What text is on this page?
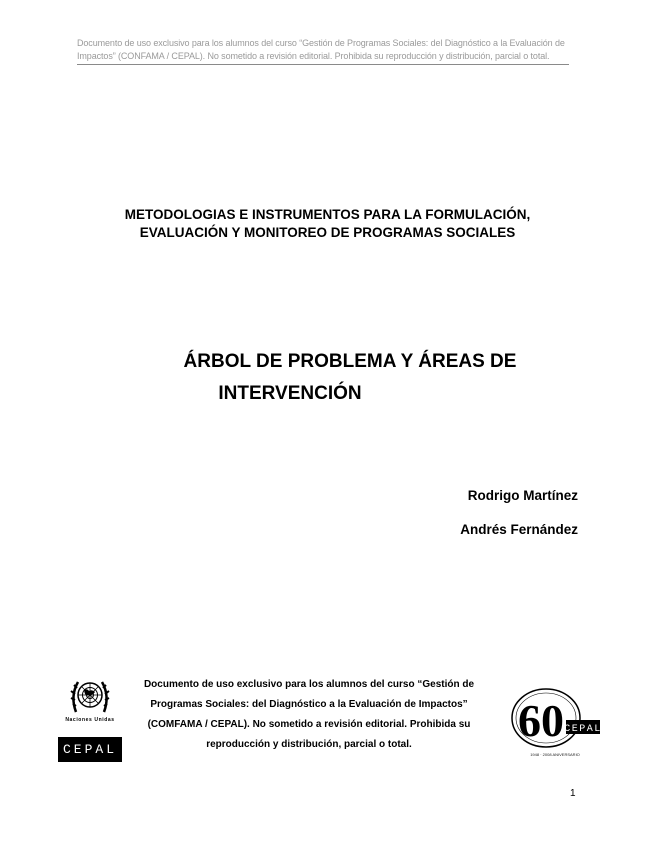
Documento de uso exclusivo para los alumnos del curso “Gestión de Programas Sociales: del Diagnóstico a la Evaluación de
Impactos” (CONFAMA / CEPAL). No sometido a revisión editorial. Prohibida su reproducción y distribución, parcial o total.
METODOLOGIAS E INSTRUMENTOS PARA LA FORMULACIÓN,
EVALUACIÓN Y MONITOREO DE PROGRAMAS SOCIALES
ÁRBOL DE PROBLEMA Y ÁREAS DE
INTERVENCIÓN
Rodrigo Martínez
Andrés Fernández
Naciones Unidas
CEPAL
Documento de uso exclusivo para los alumnos del curso “Gestión de
Programas Sociales: del Diagnóstico a la Evaluación de Impactos”
(COMFAMA / CEPAL). No sometido a revisión editorial. Prohibida su
reproducción y distribución, parcial o total.	60 CEPAL
1948 · 2008 ANIVERSARIO
1
